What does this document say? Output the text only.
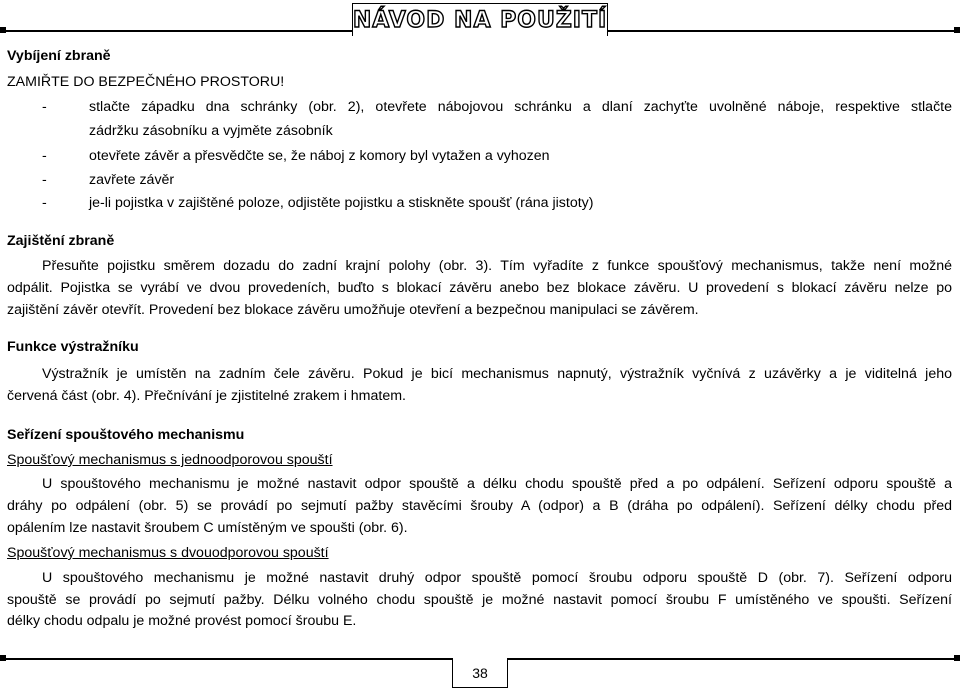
NÁVOD NA POUŽITÍ
Vybíjení zbraně
ZAMIŘTE DO BEZPEČNÉHO PROSTORU!
-	stlačte západku dna schránky (obr. 2), otevřete nábojovou schránku a dlaní zachyťte uvolněné náboje, respektive stlačte
zádržku zásobníku a vyjměte zásobník
-	otevřete závěr a přesvědčte se, že náboj z komory byl vytažen a vyhozen
-	zavřete závěr
-	je-li pojistka v zajištěné poloze, odjistěte pojistku a stiskněte spoušť (rána jistoty)
Zajištění zbraně
Přesuňte pojistku směrem dozadu do zadní krajní polohy (obr. 3). Tím vyřadíte z funkce spoušťový mechanismus, takže není možné
odpálit. Pojistka se vyrábí ve dvou provedeních, buďto s blokací závěru anebo bez blokace závěru. U provedení s blokací závěru nelze po
zajištění závěr otevřít. Provedení bez blokace závěru umožňuje otevření a bezpečnou manipulaci se závěrem.
Funkce výstražníku
Výstražník je umístěn na zadním čele závěru. Pokud je bicí mechanismus napnutý, výstražník vyčnívá z uzávěrky a je viditelná jeho
červená část (obr. 4). Přečnívání je zjistitelné zrakem i hmatem.
Seřízení spouštového mechanismu
Spoušťový mechanismus s jednoodporovou spouští
U spouštového mechanismu je možné nastavit odpor spouště a délku chodu spouště před a po odpálení. Seřízení odporu spouště a
dráhy po odpálení (obr. 5) se provádí po sejmutí pažby stavěcími šrouby A (odpor) a B (dráha po odpálení). Seřízení délky chodu před
opálením lze nastavit šroubem C umístěným ve spoušti (obr. 6).
Spoušťový mechanismus s dvouodporovou spouští
U spouštového mechanismu je možné nastavit druhý odpor spouště pomocí šroubu odporu spouště D (obr. 7). Seřízení odporu
spouště se provádí po sejmutí pažby. Délku volného chodu spouště je možné nastavit pomocí šroubu F umístěného ve spoušti. Seřízení
délky chodu odpalu je možné provést pomocí šroubu E.
38
